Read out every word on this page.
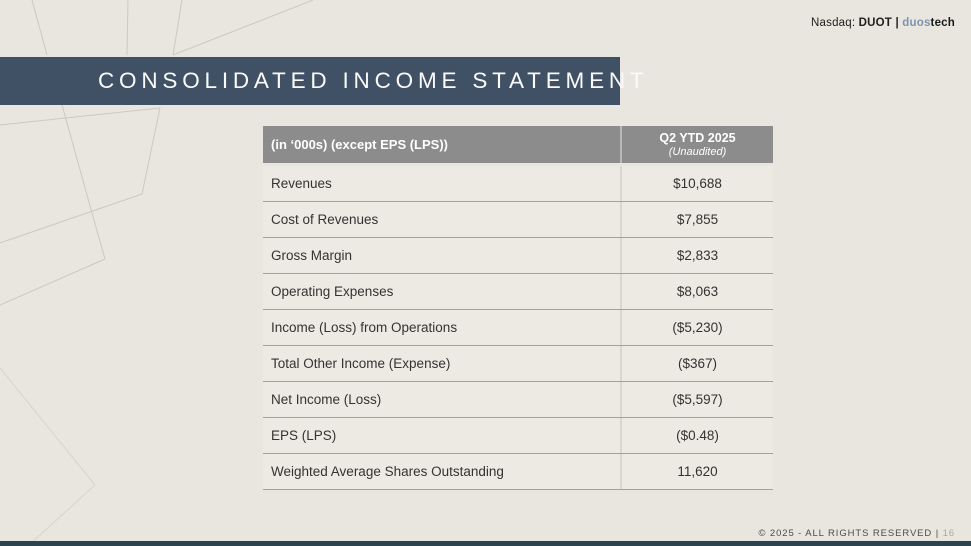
Nasdaq: DUOT | duostech
CONSOLIDATED INCOME STATEMENT
(in ‘000s) (except EPS (LPS))	Q2 YTD 2025
(Unaudited)
Revenues	$10,688
Cost of Revenues	$7,855
Gross Margin	$2,833
Operating Expenses	$8,063
Income (Loss) from Operations	($5,230)
Total Other Income (Expense)	($367)
Net Income (Loss)	($5,597)
EPS (LPS)	($0.48)
Weighted Average Shares Outstanding	11,620
© 2025 - ALL RIGHTS RESERVED | 16
